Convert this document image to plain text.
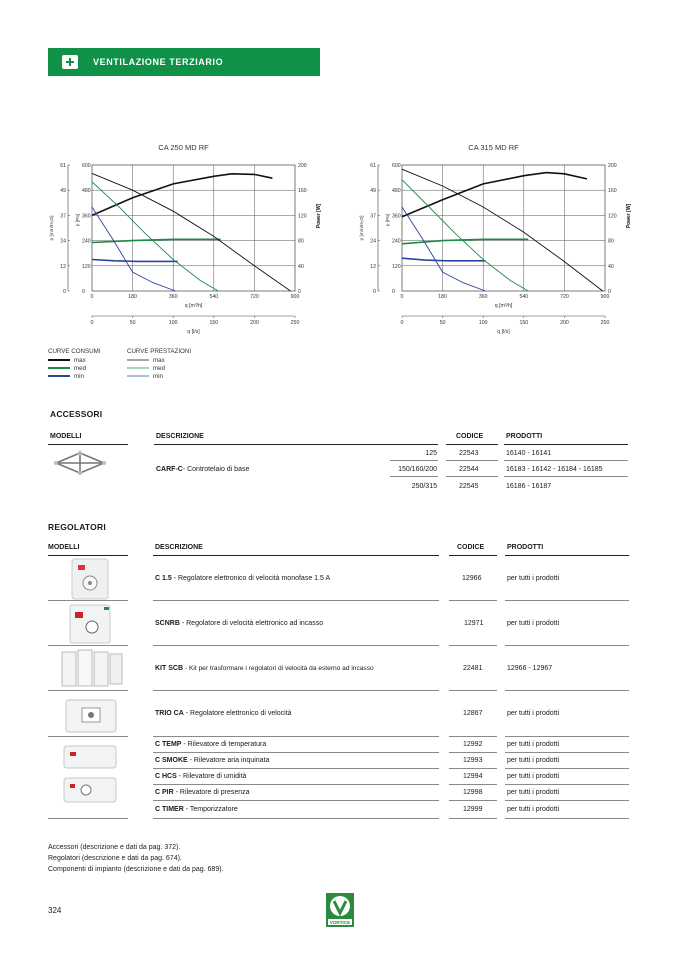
VENTILAZIONE TERZIARIO
CA 250 MD RF
0
12
24
37
49
61
0
120
240
360
480
600
0
40
80
120
160
200
p [mm/H₂O]	p [Pa]	Power [W]
0	180	360	540	720	900
q [m³/h]
0	50	100	150	200	250
q [l/s]
CA 315 MD RF
0
12
24
37
49
61
0
120
240
360
480
600
0
40
80
120
160
200
p [mm/H₂O]	p [Pa]	Power [W]
0	180	360	540	720	900
q [m³/h]
0	50	100	150	200	250
q [l/s]
CURVE CONSUMI
max
med
min
CURVE PRESTAZIONI
max
med
min
ACCESSORI
MODELLI	DESCRIZIONE	CODICE	PRODOTTI
CARF-C- Controtelaio di base
125	22543	16140 - 16141
150/160/200	22544	16183 - 16142 - 16184 - 16185
250/315	22545	16186 - 16187
REGOLATORI
MODELLI	DESCRIZIONE	CODICE	PRODOTTI
C 1.5 - Regolatore elettronico di velocità monofase 1.5 A	12966	per tutti i prodotti
SCNRB - Regolatore di velocità elettronico ad incasso	12971	per tutti i prodotti
KIT SCB - Kit per trasformare i regolatori di velocità da esterno ad incasso	22481	12966 - 12967
TRIO CA - Regolatore elettronico di velocità	12867	per tutti i prodotti
C TEMP - Rilevatore di temperatura	12992	per tutti i prodotti
C SMOKE - Rilevatore aria inquinata	12993	per tutti i prodotti
C HCS - Rilevatore di umidità	12994	per tutti i prodotti
C PIR - Rilevatore di presenza	12998	per tutti i prodotti
C TIMER - Temporizzatore	12999	per tutti i prodotti
Accessori (descrizione e dati da pag. 372).
Regolatori (descrizione e dati da pag. 674).
Componenti di impianto (descrizione e dati da pag. 689).
324
VORTICE
